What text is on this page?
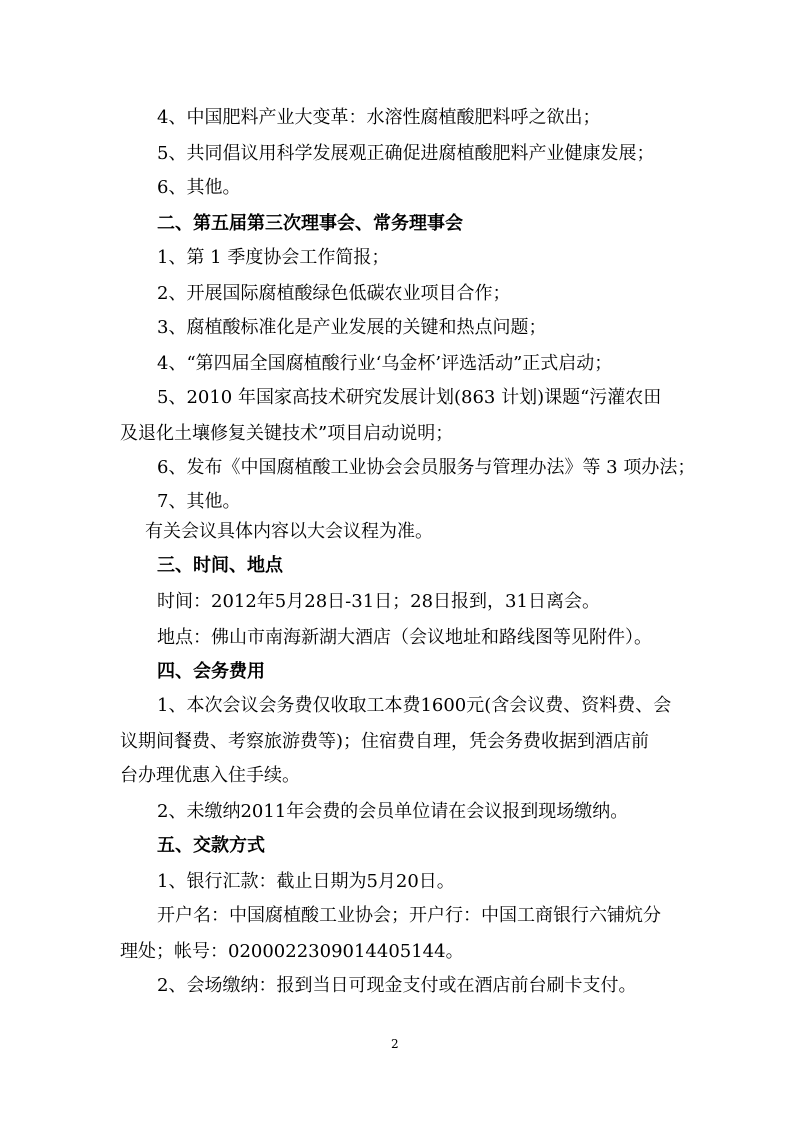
4、中国肥料产业大变革：水溶性腐植酸肥料呼之欲出；
5、共同倡议用科学发展观正确促进腐植酸肥料产业健康发展；
6、其他。
二、第五届第三次理事会、常务理事会
1、第 1 季度协会工作简报；
2、开展国际腐植酸绿色低碳农业项目合作；
3、腐植酸标准化是产业发展的关键和热点问题；
4、“第四届全国腐植酸行业‘乌金杯’评选活动”正式启动；
5、2010 年国家高技术研究发展计划(863 计划)课题“污灌农田
及退化土壤修复关键技术”项目启动说明；
6、发布《中国腐植酸工业协会会员服务与管理办法》等 3 项办法；
7、其他。
有关会议具体内容以大会议程为准。
三、时间、地点
时间：2012年5月28日-31日；28日报到，31日离会。
地点：佛山市南海新湖大酒店（会议地址和路线图等见附件）。
四、会务费用
1、本次会议会务费仅收取工本费1600元(含会议费、资料费、会
议期间餐费、考察旅游费等)；住宿费自理，凭会务费收据到酒店前
台办理优惠入住手续。
2、未缴纳2011年会费的会员单位请在会议报到现场缴纳。
五、交款方式
1、银行汇款：截止日期为5月20日。
开户名：中国腐植酸工业协会；开户行：中国工商银行六铺炕分
理处；帐号：0200022309014405144。
2、会场缴纳：报到当日可现金支付或在酒店前台刷卡支付。
2
